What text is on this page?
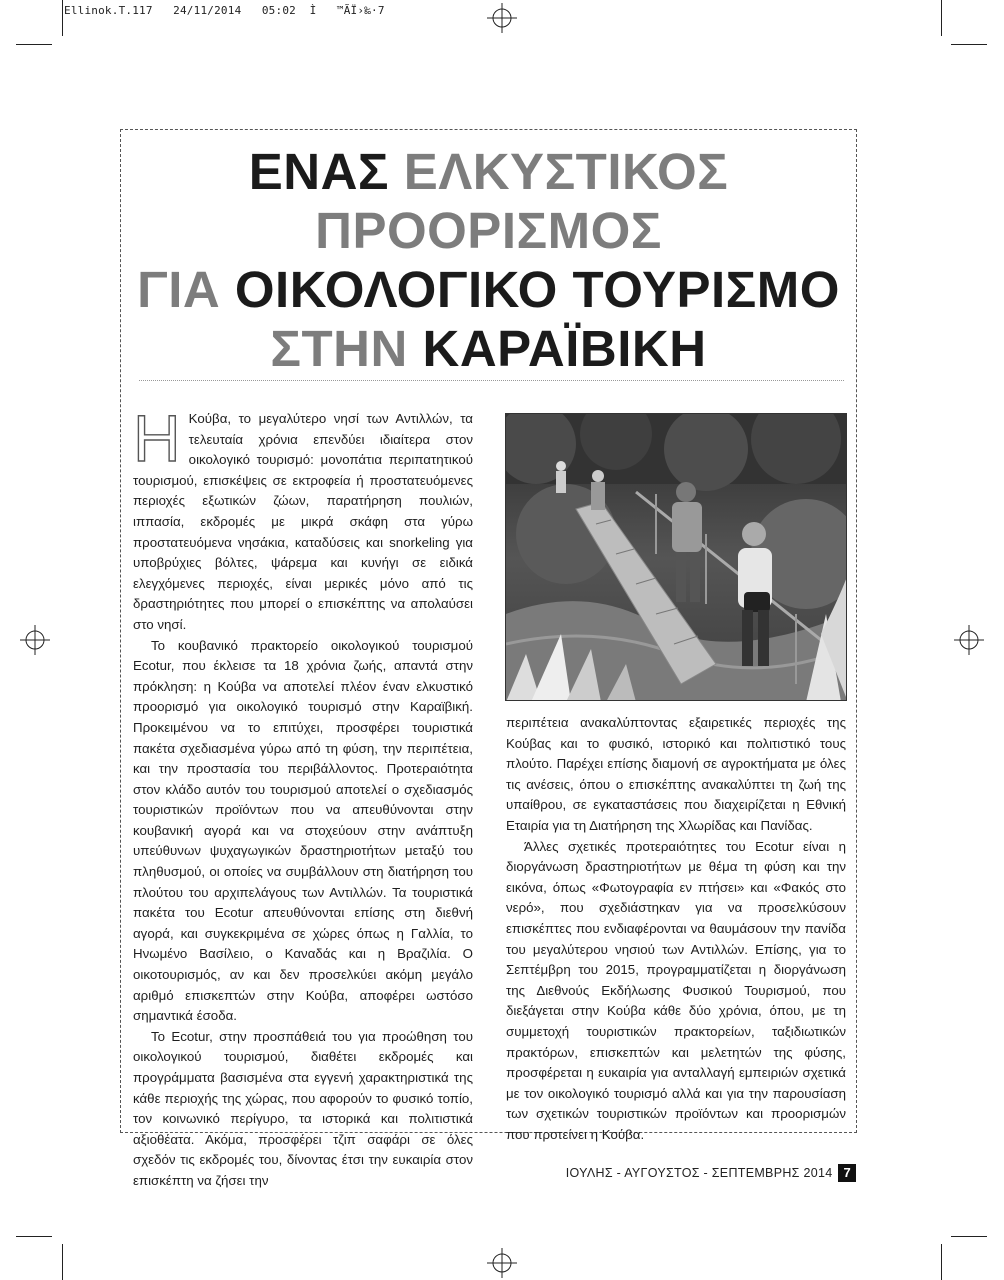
Ellinok.T.117   24/11/2014   05:02  Ì   ™ÃÏ›‰·7
ΕΝΑΣ ΕΛΚΥΣΤΙΚΟΣ
ΠΡΟΟΡΙΣΜΟΣ
ΓΙΑ ΟΙΚΟΛΟΓΙΚΟ ΤΟΥΡΙΣΜΟ
ΣΤΗΝ ΚΑΡΑΪΒΙΚΗ

Η Κούβα, το μεγαλύτερο νησί των Αντιλλών, τα τελευταία χρόνια επενδύει ιδιαίτερα στον οικολογικό τουρισμό: μονοπάτια περιπατητικού τουρισμού, επισκέψεις σε εκτροφεία ή προστατευόμενες περιοχές εξωτικών ζώων, παρατήρηση πουλιών, ιππασία, εκδρομές με μικρά σκάφη στα γύρω προστατευόμενα νησάκια, καταδύσεις και snorkeling για υποβρύχιες βόλτες, ψάρεμα και κυνήγι σε ειδικά ελεγχόμενες περιοχές, είναι μερικές μόνο από τις δραστηριότητες που μπορεί ο επισκέπτης να απολαύσει στο νησί.

Το κουβανικό πρακτορείο οικολογικού τουρισμού Ecotur, που έκλεισε τα 18 χρόνια ζωής, απαντά στην πρόκληση: η Κούβα να αποτελεί πλέον έναν ελκυστικό προορισμό για οικολογικό τουρισμό στην Καραϊβική. Προκειμένου να το επιτύχει, προσφέρει τουριστικά πακέτα σχεδιασμένα γύρω από τη φύση, την περιπέτεια, και την προστασία του περιβάλλοντος. Προτεραιότητα στον κλάδο αυτόν του τουρισμού αποτελεί ο σχεδιασμός τουριστικών προϊόντων που να απευθύνονται στην κουβανική αγορά και να στοχεύουν στην ανάπτυξη υπεύθυνων ψυχαγωγικών δραστηριοτήτων μεταξύ του πληθυσμού, οι οποίες να συμβάλλουν στη διατήρηση του πλούτου του αρχιπελάγους των Αντιλλών. Τα τουριστικά πακέτα του Ecotur απευθύνονται επίσης στη διεθνή αγορά, και συγκεκριμένα σε χώρες όπως η Γαλλία, το Ηνωμένο Βασίλειο, ο Καναδάς και η Βραζιλία. Ο οικοτουρισμός, αν και δεν προσελκύει ακόμη μεγάλο αριθμό επισκεπτών στην Κούβα, αποφέρει ωστόσο σημαντικά έσοδα.

Το Ecotur, στην προσπάθειά του για προώθηση του οικολογικού τουρισμού, διαθέτει εκδρομές και προγράμματα βασισμένα στα εγγενή χαρακτηριστικά της κάθε περιοχής της χώρας, που αφορούν το φυσικό τοπίο, τον κοινωνικό περίγυρο, τα ιστορικά και πολιτιστικά αξιοθέατα. Ακόμα, προσφέρει τζιπ σαφάρι σε όλες σχεδόν τις εκδρομές του, δίνοντας έτσι την ευκαιρία στον επισκέπτη να ζήσει την

περιπέτεια ανακαλύπτοντας εξαιρετικές περιοχές της Κούβας και το φυσικό, ιστορικό και πολιτιστικό τους πλούτο. Παρέχει επίσης διαμονή σε αγροκτήματα με όλες τις ανέσεις, όπου ο επισκέπτης ανακαλύπτει τη ζωή της υπαίθρου, σε εγκαταστάσεις που διαχειρίζεται η Εθνική Εταιρία για τη Διατήρηση της Χλωρίδας και Πανίδας.

Άλλες σχετικές προτεραιότητες του Ecotur είναι η διοργάνωση δραστηριοτήτων με θέμα τη φύση και την εικόνα, όπως «Φωτογραφία εν πτήσει» και «Φακός στο νερό», που σχεδιάστηκαν για να προσελκύσουν επισκέπτες που ενδιαφέρονται να θαυμάσουν την πανίδα του μεγαλύτερου νησιού των Αντιλλών. Επίσης, για το Σεπτέμβρη του 2015, προγραμματίζεται η διοργάνωση της Διεθνούς Εκδήλωσης Φυσικού Τουρισμού, που διεξάγεται στην Κούβα κάθε δύο χρόνια, όπου, με τη συμμετοχή τουριστικών πρακτορείων, ταξιδιωτικών πρακτόρων, επισκεπτών και μελετητών της φύσης, προσφέρεται η ευκαιρία για ανταλλαγή εμπειριών σχετικά με τον οικολογικό τουρισμό αλλά και για την παρουσίαση των σχετικών τουριστικών προϊόντων και προορισμών που προτείνει η Κούβα.

ΙΟΥΛΗΣ - ΑΥΓΟΥΣΤΟΣ - ΣΕΠΤΕΜΒΡΗΣ 2014 7
